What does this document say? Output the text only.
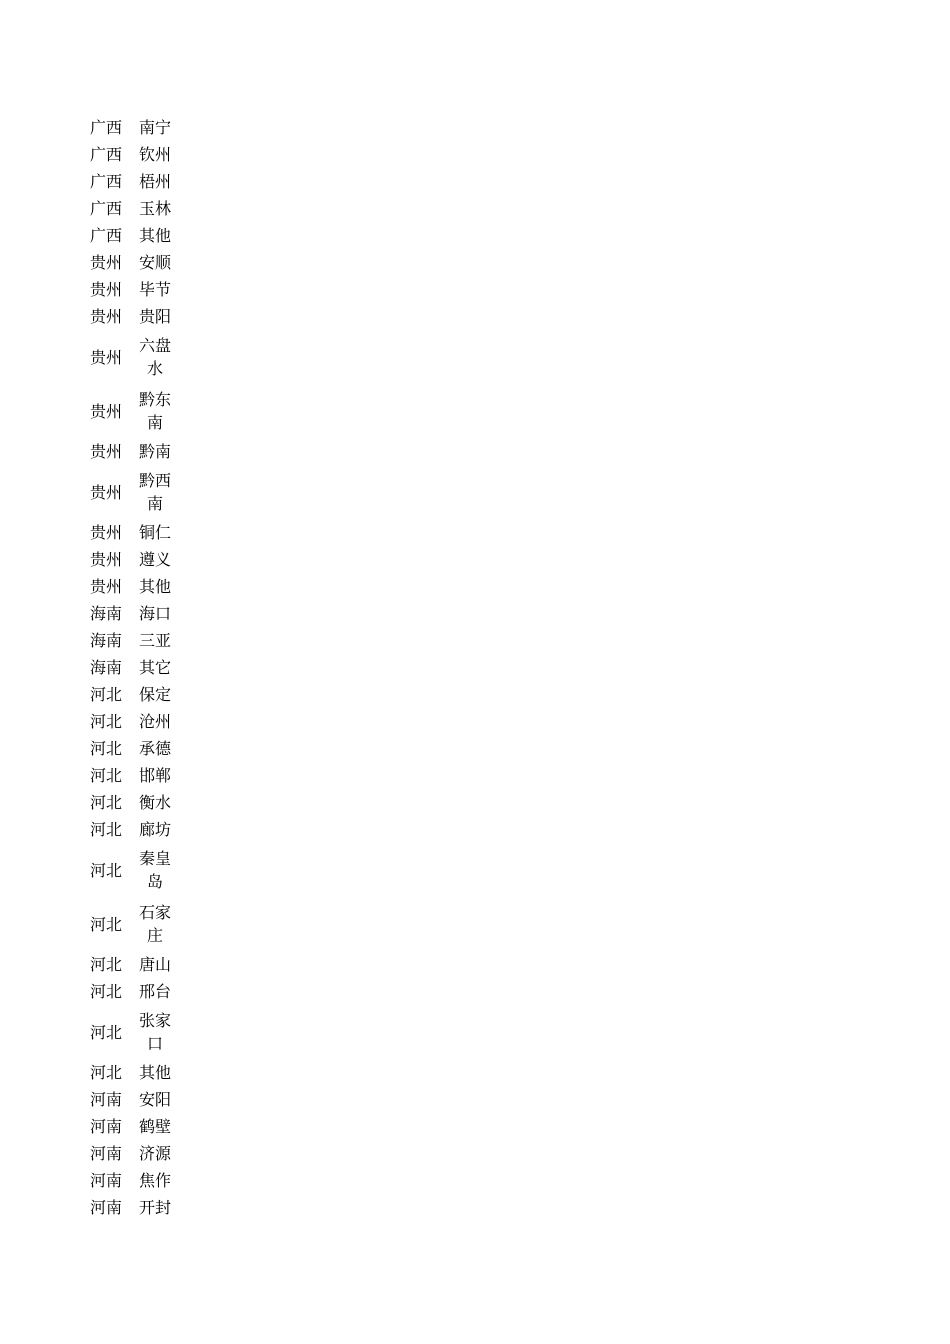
广西	南宁
广西	钦州
广西	梧州
广西	玉林
广西	其他
贵州	安顺
贵州	毕节
贵州	贵阳
贵州	六盘水
贵州	黔东南
贵州	黔南
贵州	黔西南
贵州	铜仁
贵州	遵义
贵州	其他
海南	海口
海南	三亚
海南	其它
河北	保定
河北	沧州
河北	承德
河北	邯郸
河北	衡水
河北	廊坊
河北	秦皇岛
河北	石家庄
河北	唐山
河北	邢台
河北	张家口
河北	其他
河南	安阳
河南	鹤壁
河南	济源
河南	焦作
河南	开封
